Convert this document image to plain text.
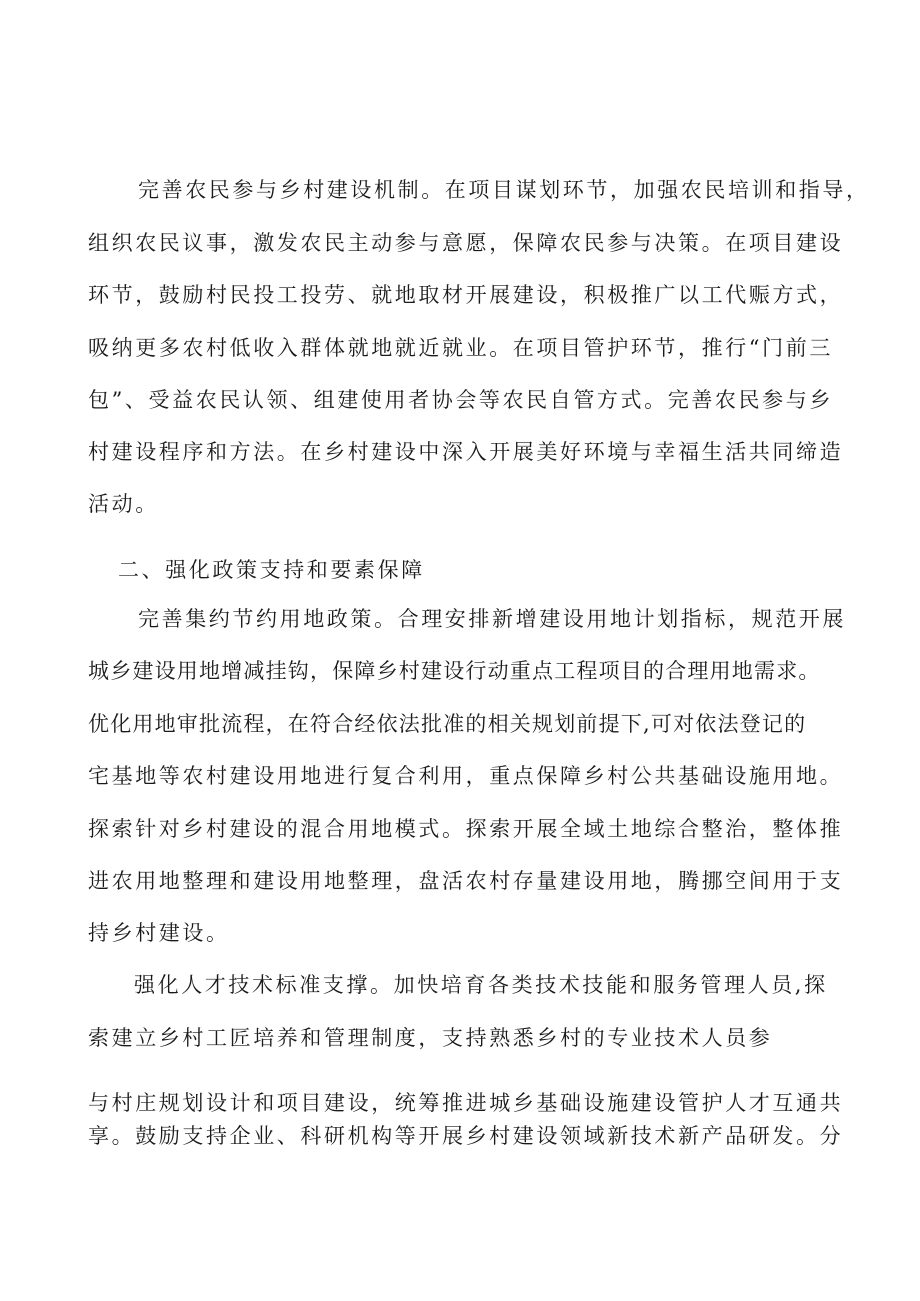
完善农民参与乡村建设机制。在项目谋划环节，加强农民培训和指导，
组织农民议事，激发农民主动参与意愿，保障农民参与决策。在项目建设
环节，鼓励村民投工投劳、就地取材开展建设，积极推广以工代赈方式，
吸纳更多农村低收入群体就地就近就业。在项目管护环节，推行“门前三
包”、受益农民认领、组建使用者协会等农民自管方式。完善农民参与乡
村建设程序和方法。在乡村建设中深入开展美好环境与幸福生活共同缔造
活动。
二、强化政策支持和要素保障
完善集约节约用地政策。合理安排新增建设用地计划指标，规范开展
城乡建设用地增减挂钩，保障乡村建设行动重点工程项目的合理用地需求。
优化用地审批流程，在符合经依法批准的相关规划前提下,可对依法登记的
宅基地等农村建设用地进行复合利用，重点保障乡村公共基础设施用地。
探索针对乡村建设的混合用地模式。探索开展全域土地综合整治，整体推
进农用地整理和建设用地整理，盘活农村存量建设用地，腾挪空间用于支
持乡村建设。
强化人才技术标准支撑。加快培育各类技术技能和服务管理人员,探
索建立乡村工匠培养和管理制度，支持熟悉乡村的专业技术人员参
与村庄规划设计和项目建设，统筹推进城乡基础设施建设管护人才互通共
享。鼓励支持企业、科研机构等开展乡村建设领域新技术新产品研发。分
